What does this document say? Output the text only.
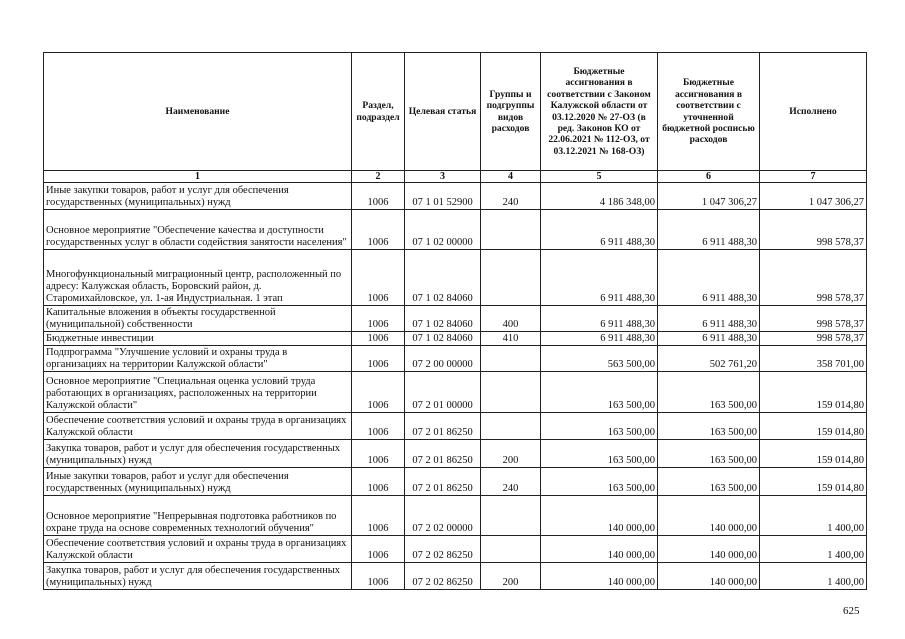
Наименование	Раздел, подраздел	Целевая статья	Группы и подгруппы видов расходов	Бюджетные ассигнования в соответствии с Законом Калужской области от 03.12.2020 № 27-ОЗ (в ред. Законов КО от 22.06.2021 № 112-ОЗ, от 03.12.2021 № 168-ОЗ)	Бюджетные ассигнования в соответствии с уточненной бюджетной росписью расходов	Исполнено
1	2	3	4	5	6	7
Иные закупки товаров, работ и услуг для обеспечения государственных (муниципальных) нужд	1006	07 1 01 52900	240	4 186 348,00	1 047 306,27	1 047 306,27
Основное мероприятие "Обеспечение качества и доступности государственных услуг в области содействия занятости населения"	1006	07 1 02 00000		6 911 488,30	6 911 488,30	998 578,37
Многофункциональный миграционный центр, расположенный по адресу: Калужская область, Боровский район, д. Старомихайловское, ул. 1-ая Индустриальная. 1 этап	1006	07 1 02 84060		6 911 488,30	6 911 488,30	998 578,37
Капитальные вложения в объекты государственной (муниципальной) собственности	1006	07 1 02 84060	400	6 911 488,30	6 911 488,30	998 578,37
Бюджетные инвестиции	1006	07 1 02 84060	410	6 911 488,30	6 911 488,30	998 578,37
Подпрограмма "Улучшение условий и охраны труда в организациях на территории Калужской области"	1006	07 2 00 00000		563 500,00	502 761,20	358 701,00
Основное мероприятие "Специальная оценка условий труда работающих в организациях, расположенных на территории Калужской области"	1006	07 2 01 00000		163 500,00	163 500,00	159 014,80
Обеспечение соответствия условий и охраны труда в организациях Калужской области	1006	07 2 01 86250		163 500,00	163 500,00	159 014,80
Закупка товаров, работ и услуг для обеспечения государственных (муниципальных) нужд	1006	07 2 01 86250	200	163 500,00	163 500,00	159 014,80
Иные закупки товаров, работ и услуг для обеспечения государственных (муниципальных) нужд	1006	07 2 01 86250	240	163 500,00	163 500,00	159 014,80
Основное мероприятие "Непрерывная подготовка работников по охране труда на основе современных технологий обучения"	1006	07 2 02 00000		140 000,00	140 000,00	1 400,00
Обеспечение соответствия условий и охраны труда в организациях Калужской области	1006	07 2 02 86250		140 000,00	140 000,00	1 400,00
Закупка товаров, работ и услуг для обеспечения государственных (муниципальных) нужд	1006	07 2 02 86250	200	140 000,00	140 000,00	1 400,00
625
